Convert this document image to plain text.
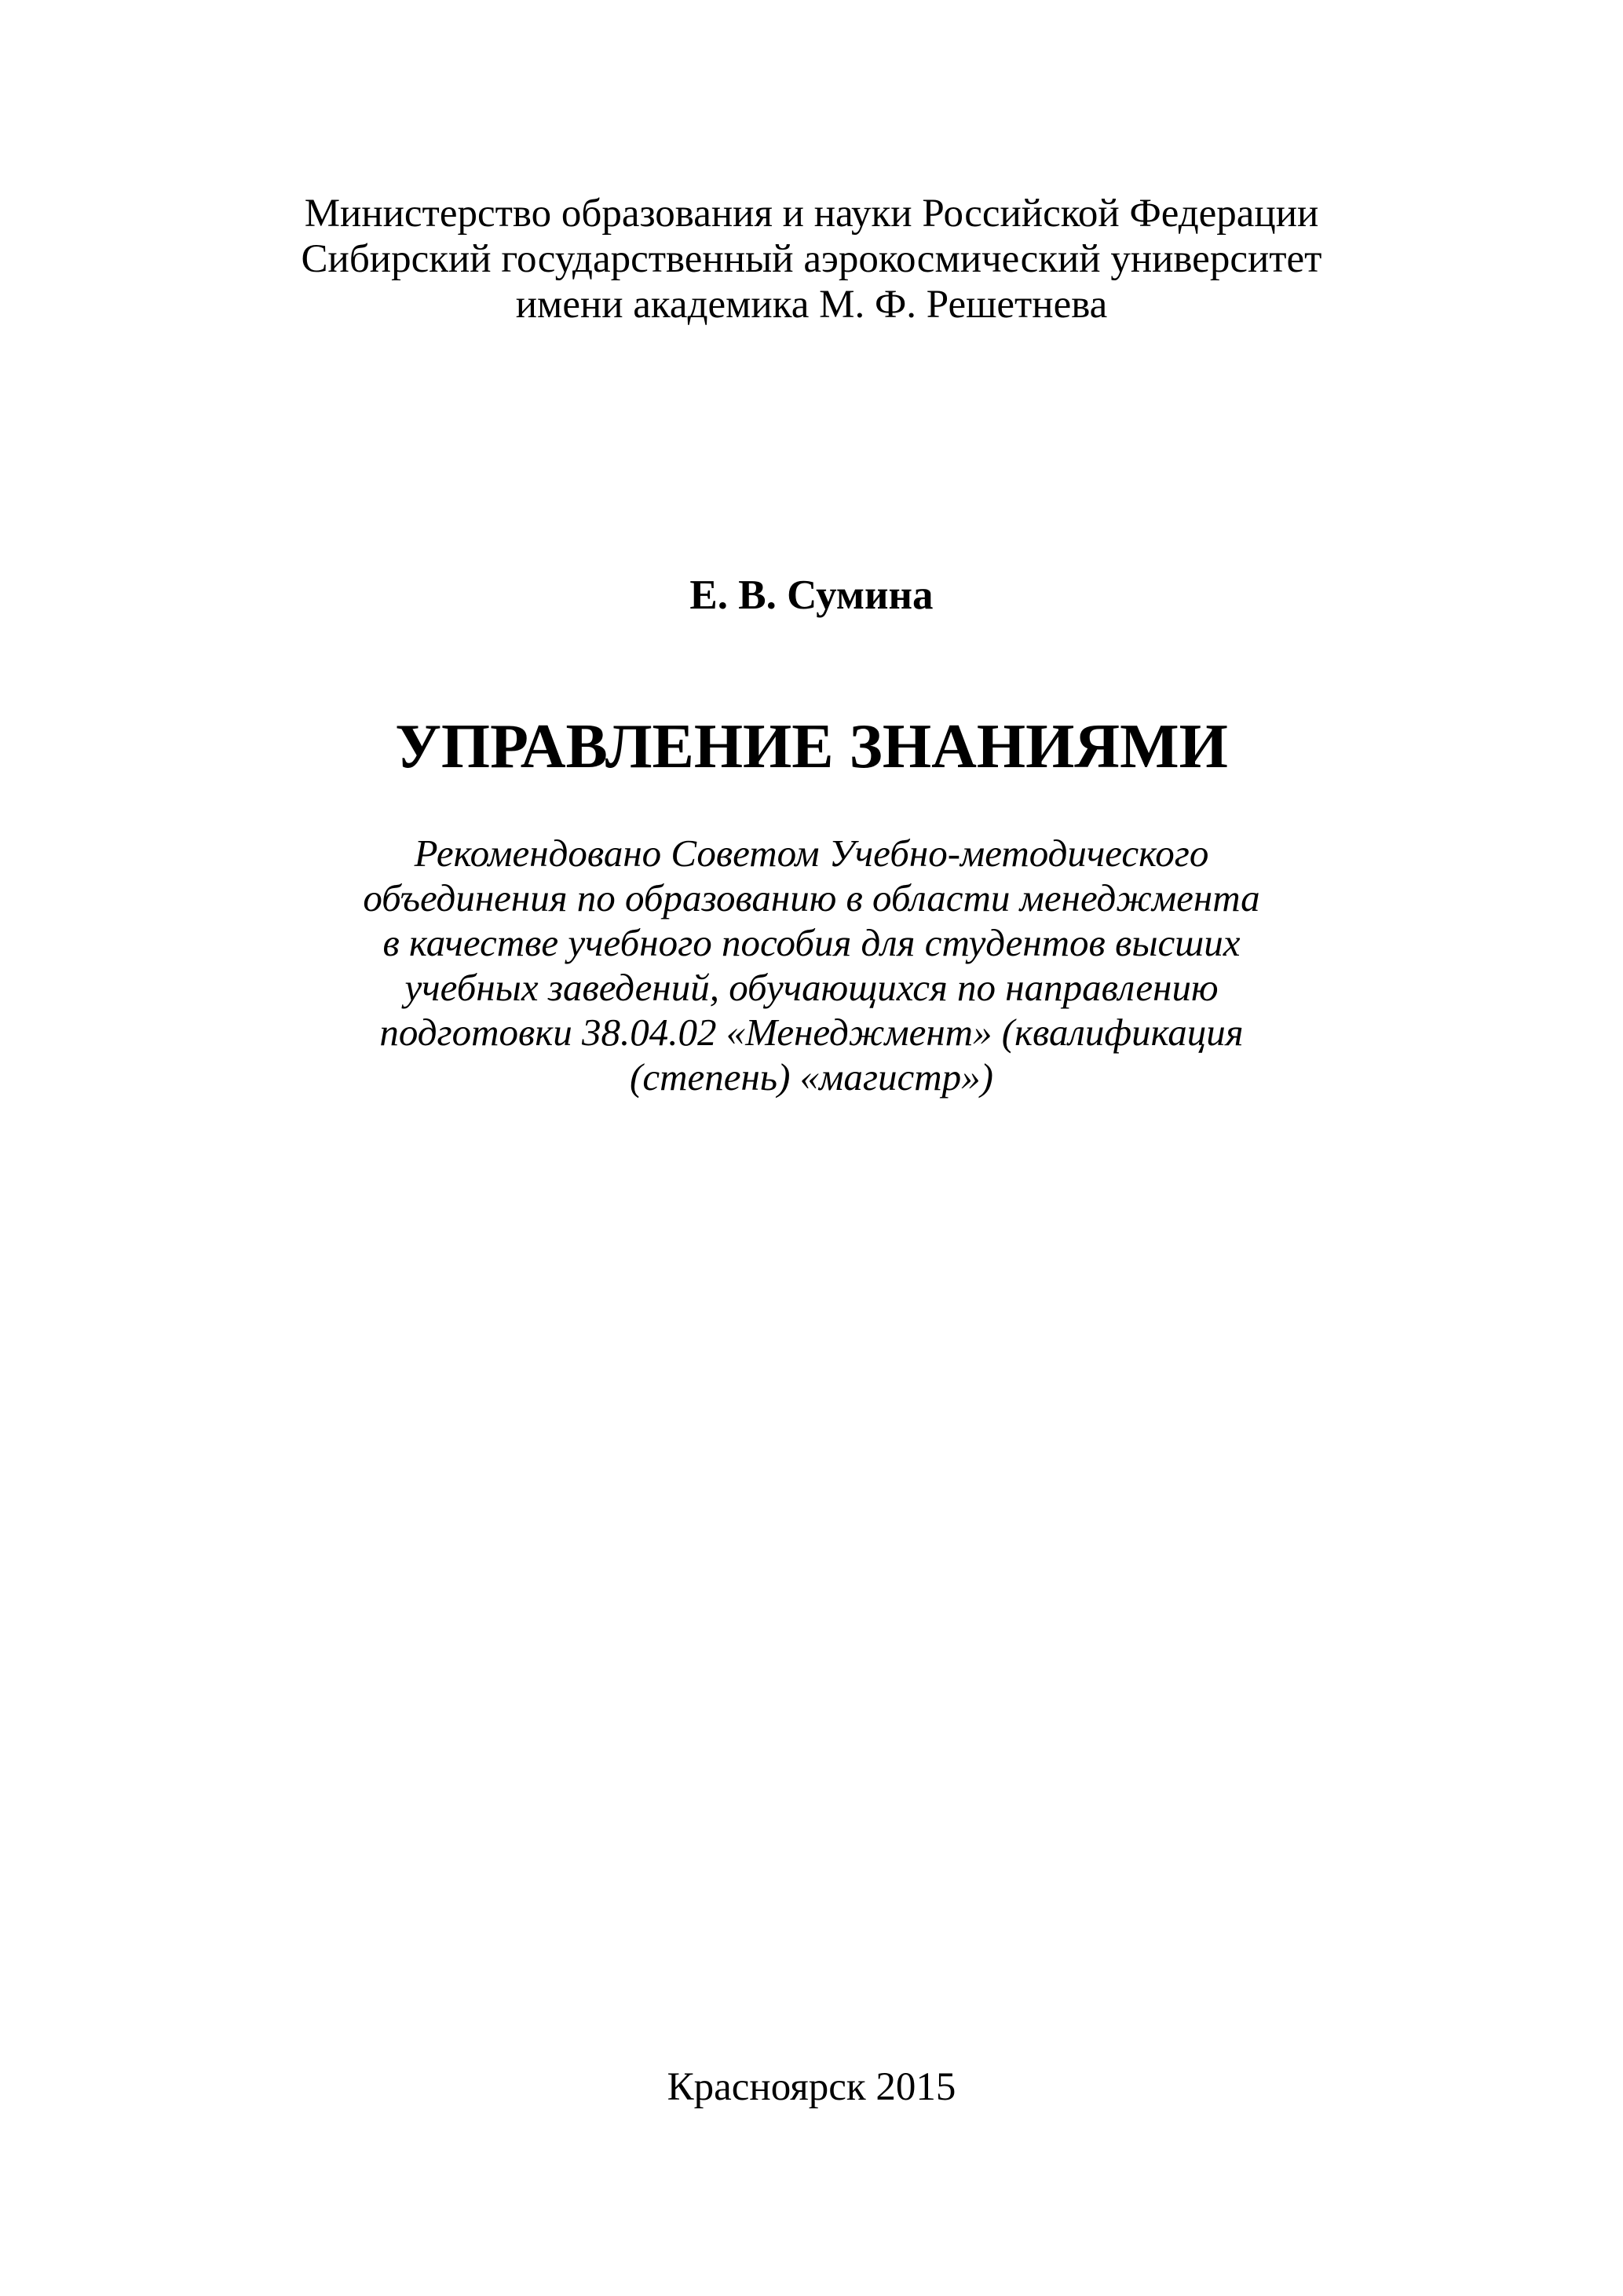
Министерство образования и науки Российской Федерации
Сибирский государственный аэрокосмический университет
имени академика М. Ф. Решетнева
Е. В. Сумина
УПРАВЛЕНИЕ ЗНАНИЯМИ
Рекомендовано Советом Учебно-методического
объединения по образованию в области менеджмента
в качестве учебного пособия для студентов высших
учебных заведений, обучающихся по направлению
подготовки 38.04.02 «Менеджмент» (квалификация
(степень) «магистр»)
Красноярск 2015
